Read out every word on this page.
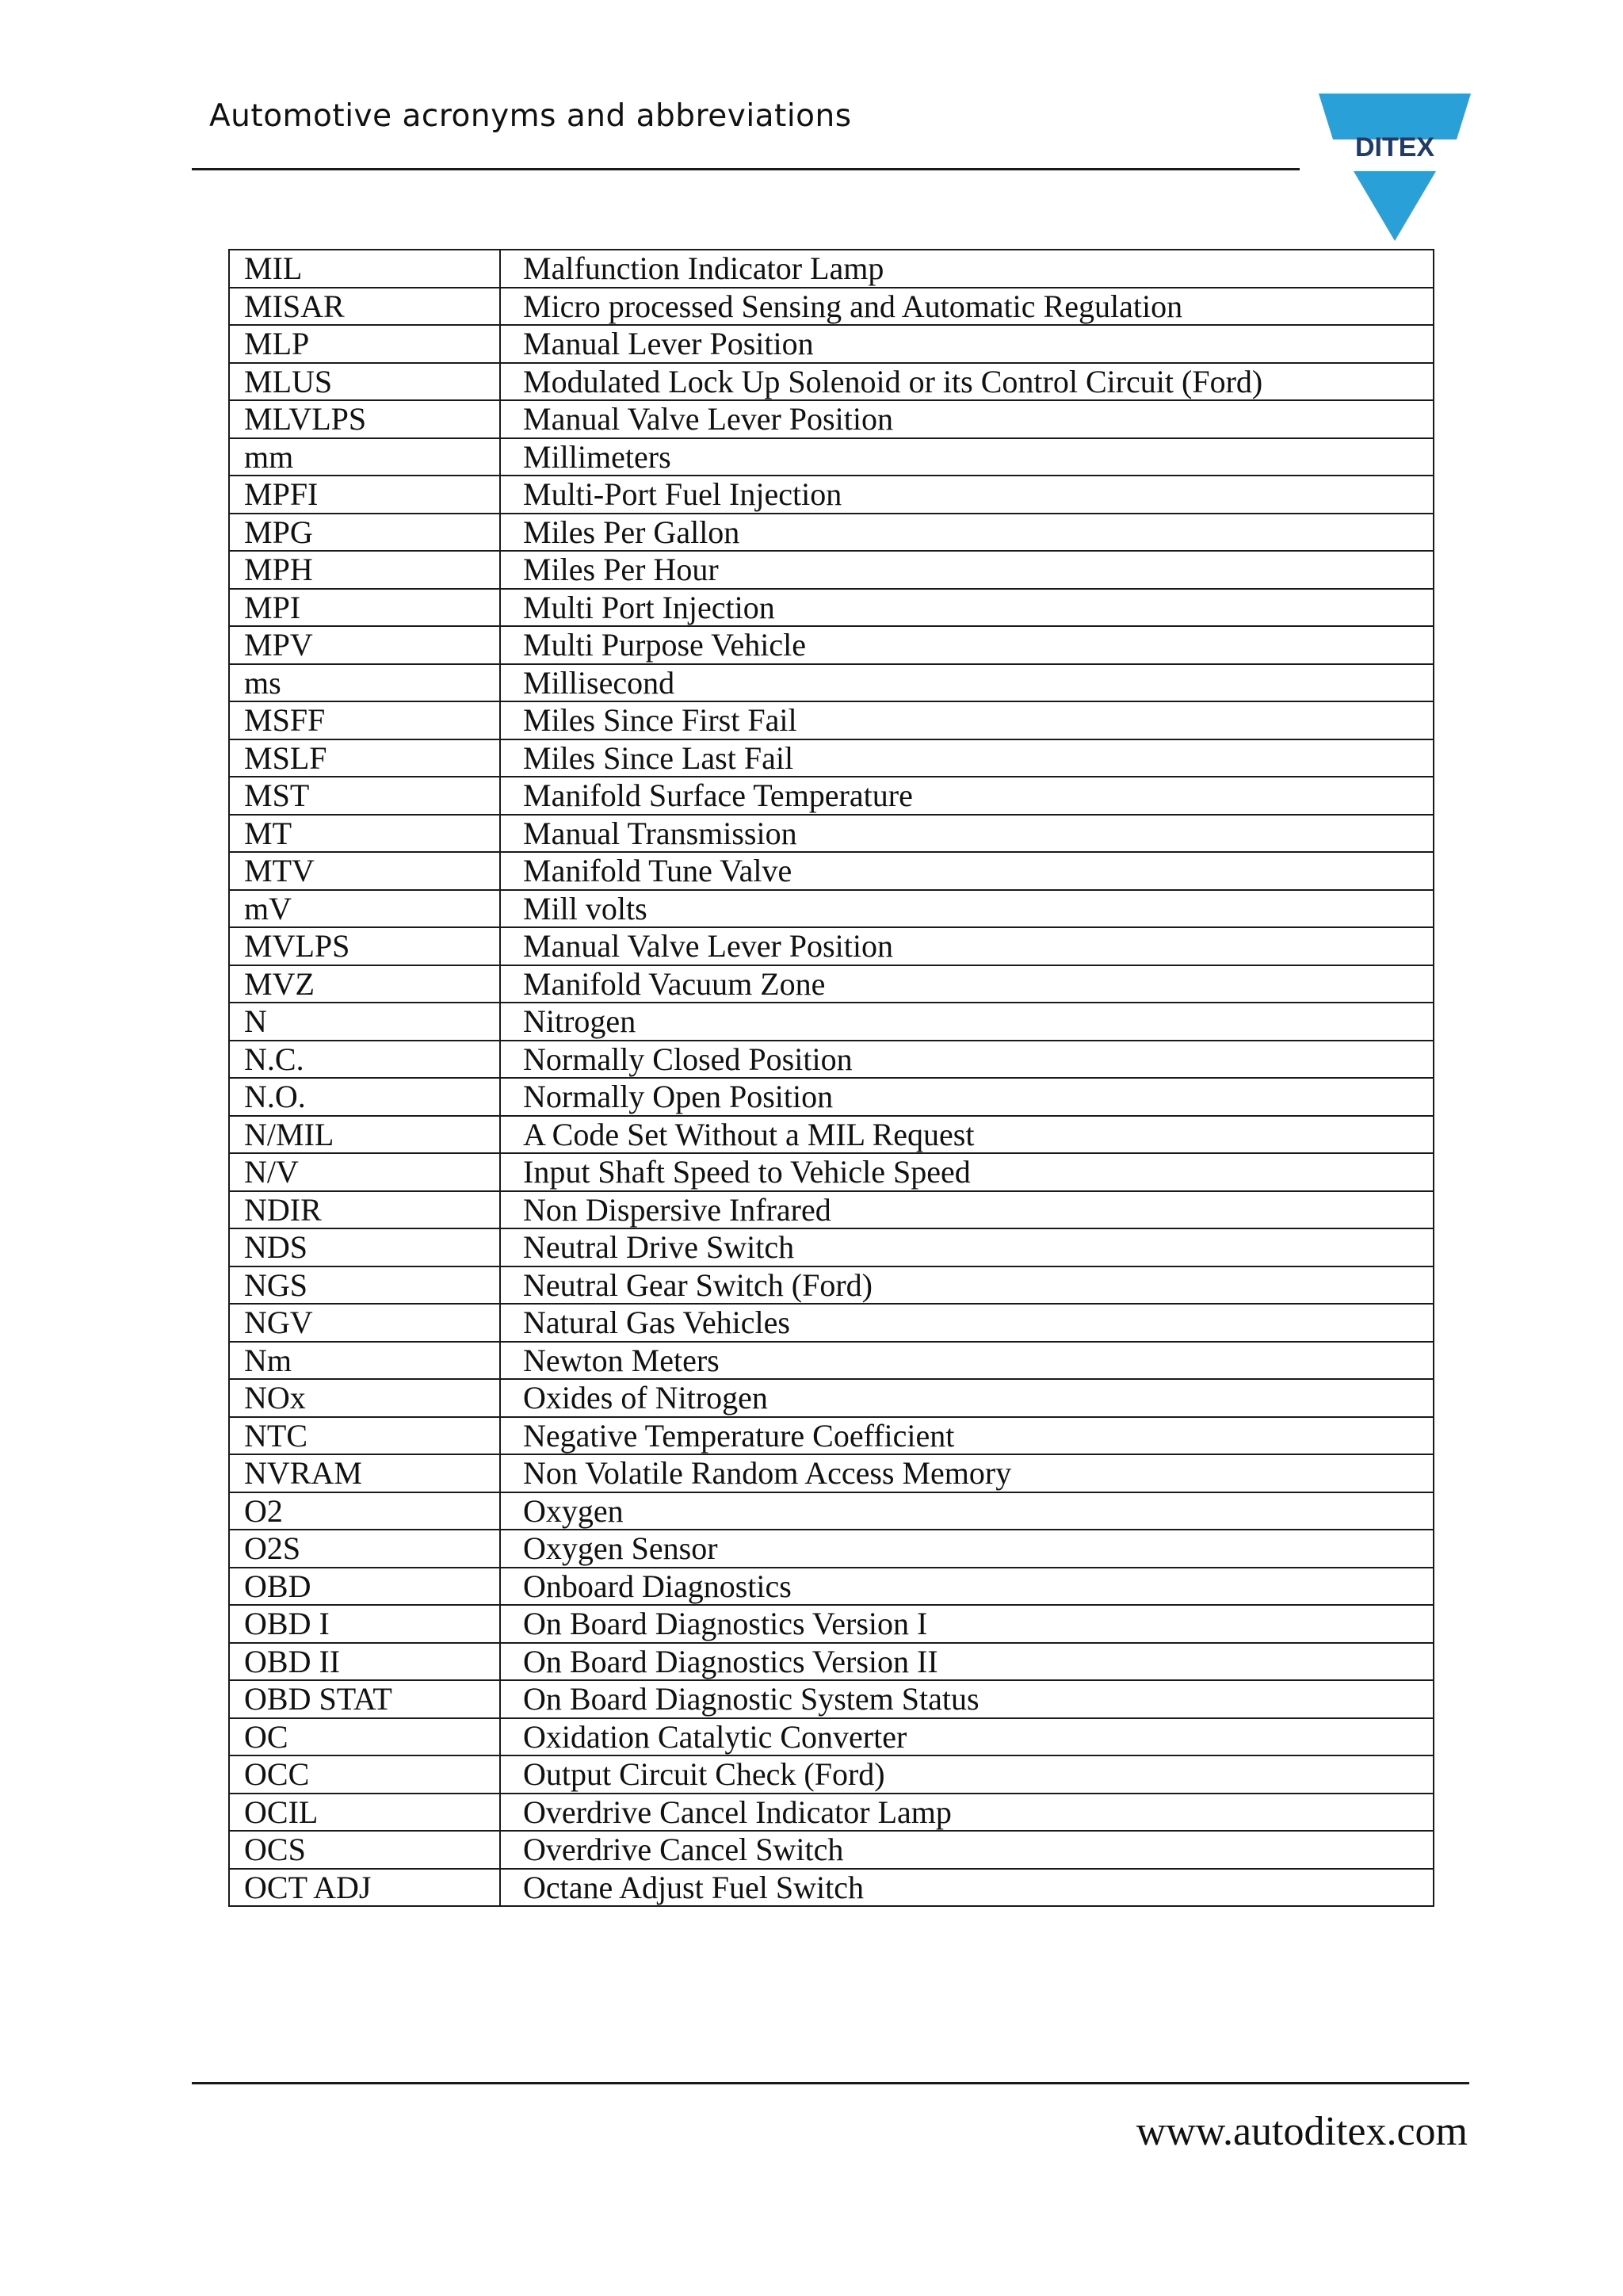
Automotive acronyms and abbreviations
DITEX
MIL	Malfunction Indicator Lamp
MISAR	Micro processed Sensing and Automatic Regulation
MLP	Manual Lever Position
MLUS	Modulated Lock Up Solenoid or its Control Circuit (Ford)
MLVLPS	Manual Valve Lever Position
mm	Millimeters
MPFI	Multi-Port Fuel Injection
MPG	Miles Per Gallon
MPH	Miles Per Hour
MPI	Multi Port Injection
MPV	Multi Purpose Vehicle
ms	Millisecond
MSFF	Miles Since First Fail
MSLF	Miles Since Last Fail
MST	Manifold Surface Temperature
MT	Manual Transmission
MTV	Manifold Tune Valve
mV	Mill volts
MVLPS	Manual Valve Lever Position
MVZ	Manifold Vacuum Zone
N	Nitrogen
N.C.	Normally Closed Position
N.O.	Normally Open Position
N/MIL	A Code Set Without a MIL Request
N/V	Input Shaft Speed to Vehicle Speed
NDIR	Non Dispersive Infrared
NDS	Neutral Drive Switch
NGS	Neutral Gear Switch (Ford)
NGV	Natural Gas Vehicles
Nm	Newton Meters
NOx	Oxides of Nitrogen
NTC	Negative Temperature Coefficient
NVRAM	Non Volatile Random Access Memory
O2	Oxygen
O2S	Oxygen Sensor
OBD	Onboard Diagnostics
OBD I	On Board Diagnostics Version I
OBD II	On Board Diagnostics Version II
OBD STAT	On Board Diagnostic System Status
OC	Oxidation Catalytic Converter
OCC	Output Circuit Check (Ford)
OCIL	Overdrive Cancel Indicator Lamp
OCS	Overdrive Cancel Switch
OCT ADJ	Octane Adjust Fuel Switch
www.autoditex.com
